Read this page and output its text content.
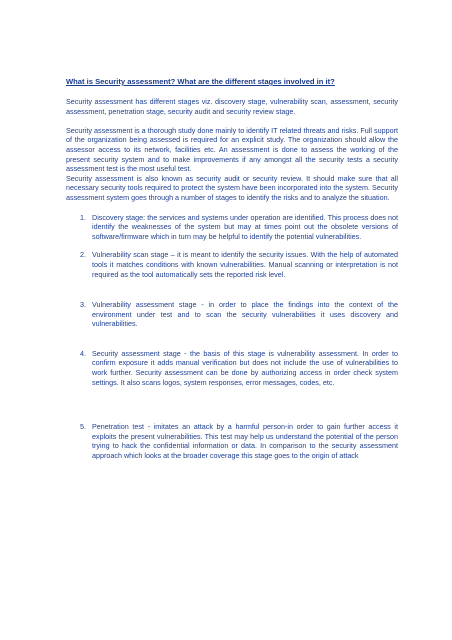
What is Security assessment? What are the different stages involved in it?

Security assessment has different stages viz. discovery stage, vulnerability scan, assessment, security assessment, penetration stage, security audit and security review stage.

Security assessment is a thorough study done mainly to identify IT related threats and risks. Full support of the organization being assessed is required for an explicit study. The organization should allow the assessor access to its network, facilities etc. An assessment is done to assess the working of the present security system and to make improvements if any amongst all the security tests a security assessment test is the most useful test.

Security assessment is also known as security audit or security review. It should make sure that all necessary security tools required to protect the system have been incorporated into the system. Security assessment system goes through a number of stages to identify the risks and to analyze the situation.

1. Discovery stage: the services and systems under operation are identified. This process does not identify the weaknesses of the system but may at times point out the obsolete versions of software/firmware which in turn may be helpful to identify the potential vulnerabilities.
2. Vulnerability scan stage – it is meant to identify the security issues. With the help of automated tools it matches conditions with known vulnerabilities. Manual scanning or interpretation is not required as the tool automatically sets the reported risk level.
3. Vulnerability assessment stage - in order to place the findings into the context of the environment under test and to scan the security vulnerabilities it uses discovery and vulnerabilities.
4. Security assessment stage - the basis of this stage is vulnerability assessment. In order to confirm exposure it adds manual verification but does not include the use of vulnerabilities to work further. Security assessment can be done by authorizing access in order check system settings. It also scans logos, system responses, error messages, codes, etc.
5. Penetration test - imitates an attack by a harmful person-in order to gain further access it exploits the present vulnerabilities. This test may help us understand the potential of the person trying to hack the confidential information or data. In comparison to the security assessment approach which looks at the broader coverage this stage goes to the origin of attack
